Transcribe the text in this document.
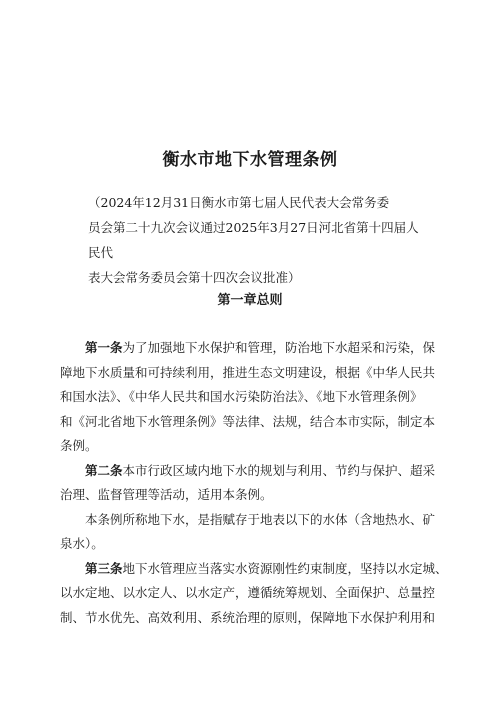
衡水市地下水管理条例
（2024年12月31日衡水市第七届人民代表大会常务委
员会第二十九次会议通过2025年3月27日河北省第十四届人民代
表大会常务委员会第十四次会议批准）
第一章总则

第一条为了加强地下水保护和管理，防治地下水超采和污染，保
障地下水质量和可持续利用，推进生态文明建设，根据《中华人民共
和国水法》、《中华人民共和国水污染防治法》、《地下水管理条例》
和《河北省地下水管理条例》等法律、法规，结合本市实际，制定本
条例。

第二条本市行政区域内地下水的规划与利用、节约与保护、超采
治理、监督管理等活动，适用本条例。

本条例所称地下水，是指赋存于地表以下的水体（含地热水、矿
泉水）。

第三条地下水管理应当落实水资源刚性约束制度，坚持以水定城、
以水定地、以水定人、以水定产，遵循统筹规划、全面保护、总量控
制、节水优先、高效利用、系统治理的原则，保障地下水保护利用和
